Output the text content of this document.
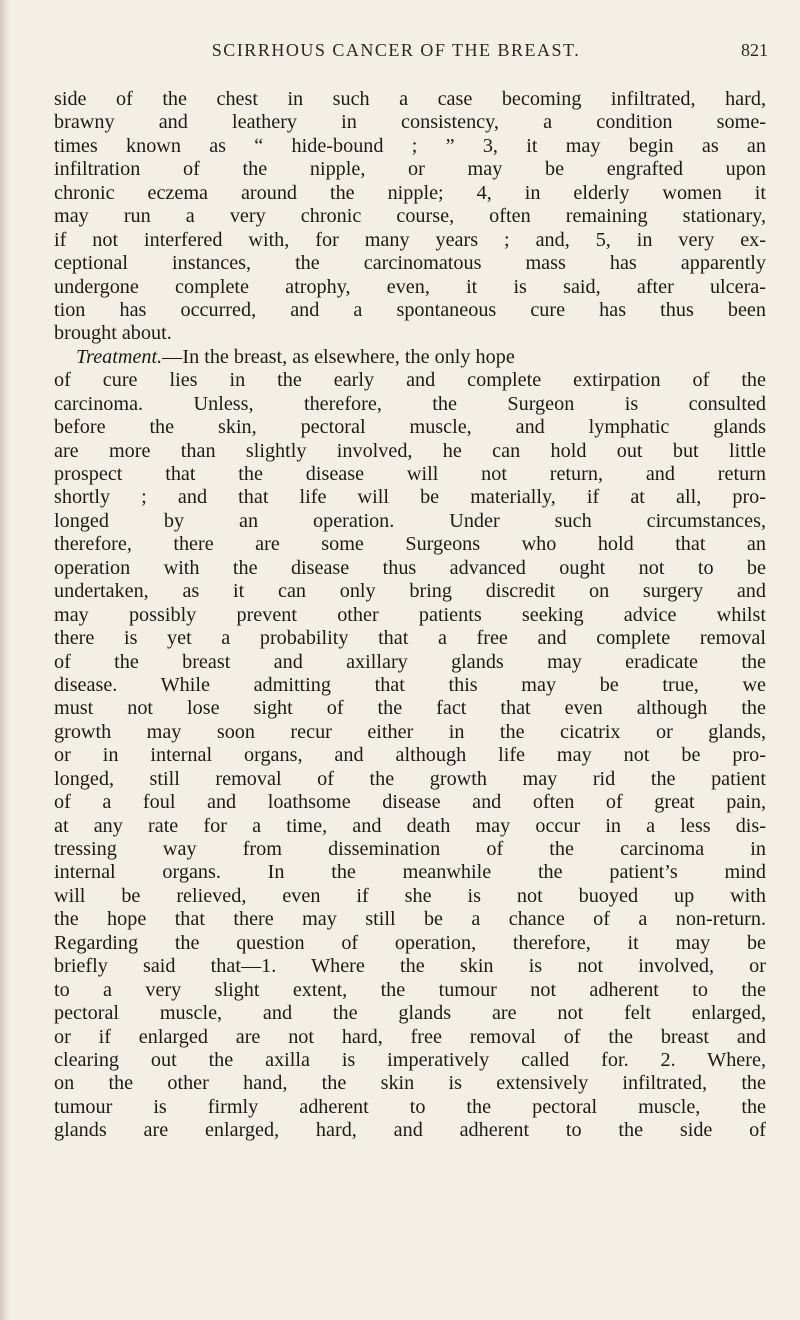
SCIRRHOUS CANCER OF THE BREAST.	821
side of the chest in such a case becoming infiltrated, hard,
brawny and leathery in consistency, a condition some-
times known as “ hide-bound ; ” 3, it may begin as an
infiltration of the nipple, or may be engrafted upon
chronic eczema around the nipple; 4, in elderly women it
may run a very chronic course, often remaining stationary,
if not interfered with, for many years ; and, 5, in very ex-
ceptional instances, the carcinomatous mass has apparently
undergone complete atrophy, even, it is said, after ulcera-
tion has occurred, and a spontaneous cure has thus been
brought about.
Treatment.—In the breast, as elsewhere, the only hope
of cure lies in the early and complete extirpation of the
carcinoma. Unless, therefore, the Surgeon is consulted
before the skin, pectoral muscle, and lymphatic glands
are more than slightly involved, he can hold out but little
prospect that the disease will not return, and return
shortly ; and that life will be materially, if at all, pro-
longed by an operation. Under such circumstances,
therefore, there are some Surgeons who hold that an
operation with the disease thus advanced ought not to be
undertaken, as it can only bring discredit on surgery and
may possibly prevent other patients seeking advice whilst
there is yet a probability that a free and complete removal
of the breast and axillary glands may eradicate the
disease. While admitting that this may be true, we
must not lose sight of the fact that even although the
growth may soon recur either in the cicatrix or glands,
or in internal organs, and although life may not be pro-
longed, still removal of the growth may rid the patient
of a foul and loathsome disease and often of great pain,
at any rate for a time, and death may occur in a less dis-
tressing way from dissemination of the carcinoma in
internal organs. In the meanwhile the patient’s mind
will be relieved, even if she is not buoyed up with
the hope that there may still be a chance of a non-return.
Regarding the question of operation, therefore, it may be
briefly said that—1. Where the skin is not involved, or
to a very slight extent, the tumour not adherent to the
pectoral muscle, and the glands are not felt enlarged,
or if enlarged are not hard, free removal of the breast and
clearing out the axilla is imperatively called for. 2. Where,
on the other hand, the skin is extensively infiltrated, the
tumour is firmly adherent to the pectoral muscle, the
glands are enlarged, hard, and adherent to the side of
